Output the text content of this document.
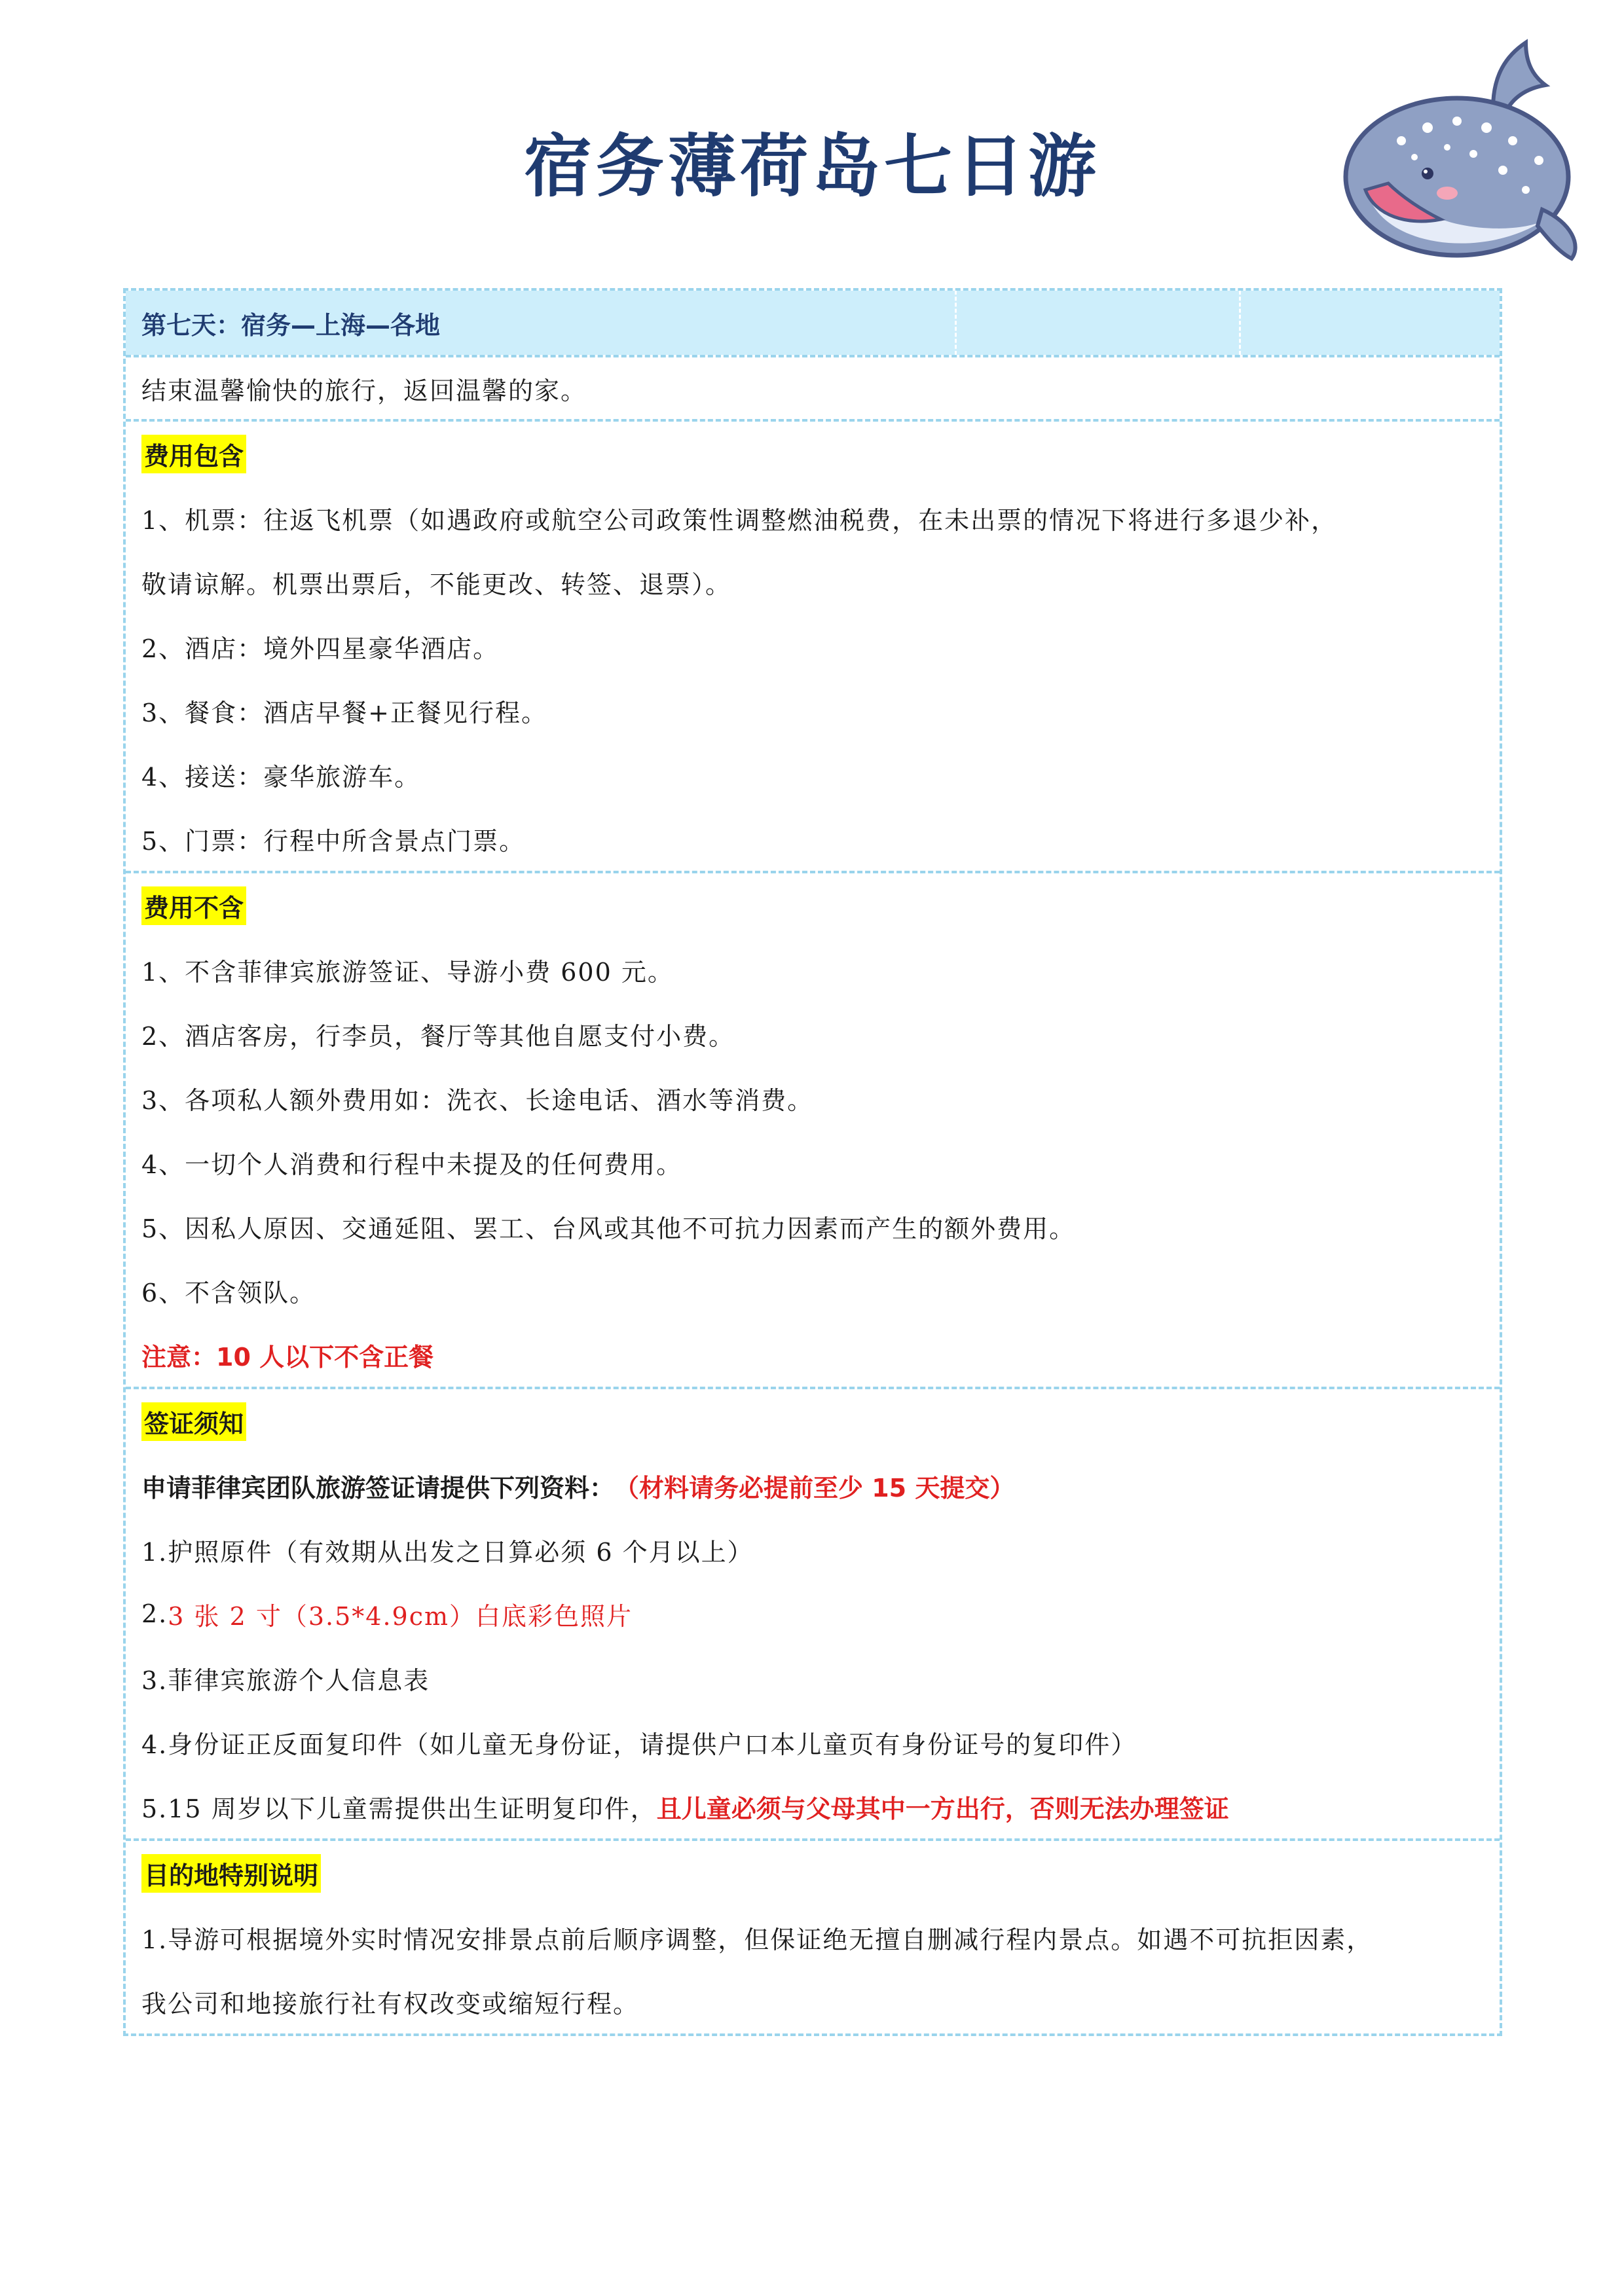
宿务薄荷岛七日游
第七天：宿务—上海—各地
结束温馨愉快的旅行，返回温馨的家。
费用包含
1、机票：往返飞机票（如遇政府或航空公司政策性调整燃油税费，在未出票的情况下将进行多退少补，
敬请谅解。机票出票后，不能更改、转签、退票）。
2、酒店：境外四星豪华酒店。
3、餐食：酒店早餐+正餐见行程。
4、接送：豪华旅游车。
5、门票：行程中所含景点门票。
费用不含
1、不含菲律宾旅游签证、导游小费 600 元。
2、酒店客房，行李员，餐厅等其他自愿支付小费。
3、各项私人额外费用如：洗衣、长途电话、酒水等消费。
4、一切个人消费和行程中未提及的任何费用。
5、因私人原因、交通延阻、罢工、台风或其他不可抗力因素而产生的额外费用。
6、不含领队。
注意：10 人以下不含正餐
签证须知
申请菲律宾团队旅游签证请提供下列资料： （材料请务必提前至少 15 天提交）
1.护照原件（有效期从出发之日算必须 6 个月以上）
2. 3 张 2 寸（3.5*4.9cm）白底彩色照片
3.菲律宾旅游个人信息表
4.身份证正反面复印件（如儿童无身份证，请提供户口本儿童页有身份证号的复印件）
5.15 周岁以下儿童需提供出生证明复印件， 且儿童必须与父母其中一方出行，否则无法办理签证
目的地特别说明
1.导游可根据境外实时情况安排景点前后顺序调整，但保证绝无擅自删减行程内景点。如遇不可抗拒因素，
我公司和地接旅行社有权改变或缩短行程。
